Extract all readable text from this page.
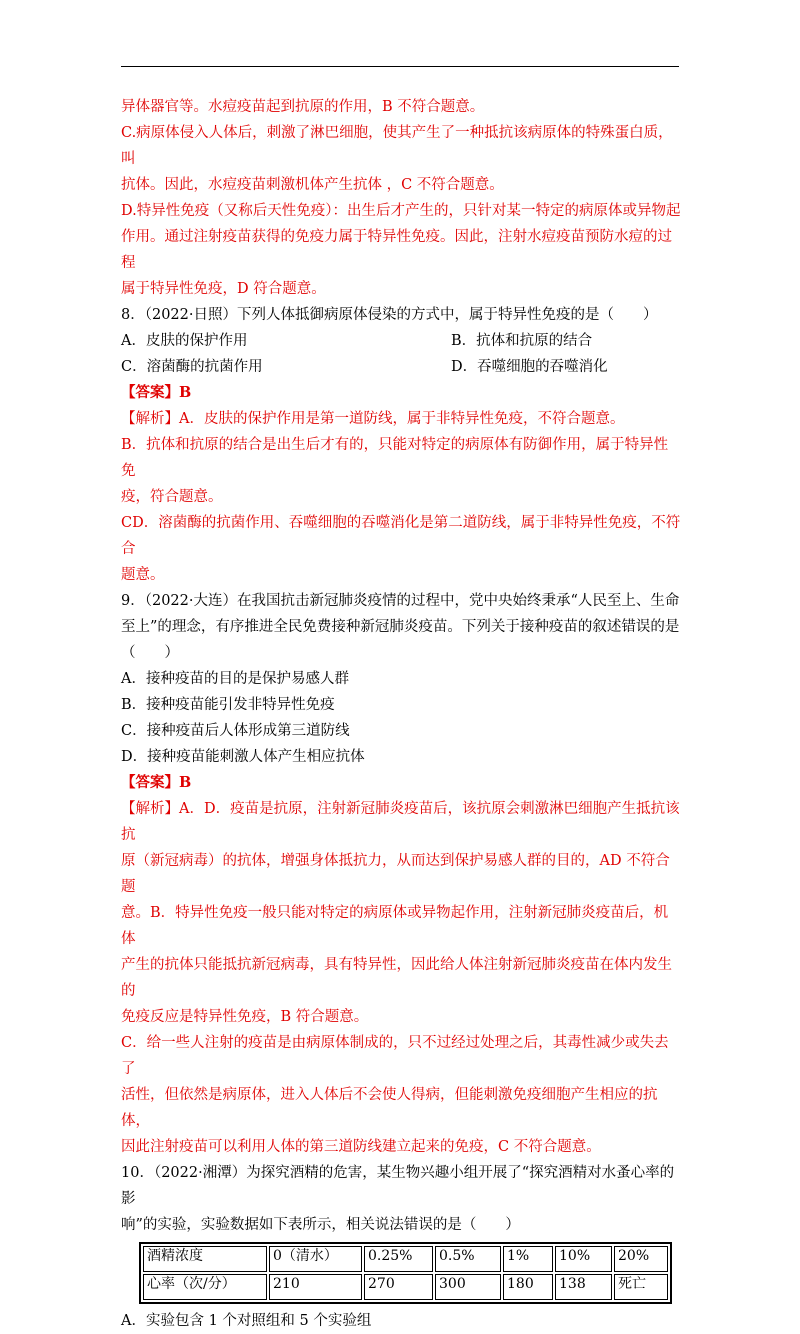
异体器官等。水痘疫苗起到抗原的作用，B 不符合题意。

C.病原体侵入人体后，刺激了淋巴细胞，使其产生了一种抵抗该病原体的特殊蛋白质，叫

抗体。因此，水痘疫苗刺激机体产生抗体 ，C 不符合题意。

D.特异性免疫（又称后天性免疫）：出生后才产生的，只针对某一特定的病原体或异物起

作用。通过注射疫苗获得的免疫力属于特异性免疫。因此，注射水痘疫苗预防水痘的过程

属于特异性免疫，D 符合题意。

8．（2022·日照）下列人体抵御病原体侵染的方式中，属于特异性免疫的是（　　）

A．皮肤的保护作用	B．抗体和抗原的结合

C．溶菌酶的抗菌作用	D．吞噬细胞的吞噬消化

【答案】B

【解析】A．皮肤的保护作用是第一道防线，属于非特异性免疫，不符合题意。

B．抗体和抗原的结合是出生后才有的，只能对特定的病原体有防御作用，属于特异性免

疫，符合题意。

CD．溶菌酶的抗菌作用、吞噬细胞的吞噬消化是第二道防线，属于非特异性免疫，不符合

题意。

9．（2022·大连）在我国抗击新冠肺炎疫情的过程中，党中央始终秉承“人民至上、生命

至上”的理念，有序推进全民免费接种新冠肺炎疫苗。下列关于接种疫苗的叙述错误的是

（　　）

A．接种疫苗的目的是保护易感人群

B．接种疫苗能引发非特异性免疫

C．接种疫苗后人体形成第三道防线

D．接种疫苗能刺激人体产生相应抗体

【答案】B

【解析】A．D．疫苗是抗原，注射新冠肺炎疫苗后，该抗原会刺激淋巴细胞产生抵抗该抗

原（新冠病毒）的抗体，增强身体抵抗力，从而达到保护易感人群的目的，AD 不符合题

意。B．特异性免疫一般只能对特定的病原体或异物起作用，注射新冠肺炎疫苗后，机体

产生的抗体只能抵抗新冠病毒，具有特异性，因此给人体注射新冠肺炎疫苗在体内发生的

免疫反应是特异性免疫，B 符合题意。

C．给一些人注射的疫苗是由病原体制成的，只不过经过处理之后，其毒性减少或失去了

活性，但依然是病原体，进入人体后不会使人得病，但能刺激免疫细胞产生相应的抗体，

因此注射疫苗可以利用人体的第三道防线建立起来的免疫，C 不符合题意。

10．（2022·湘潭）为探究酒精的危害，某生物兴趣小组开展了“探究酒精对水蚤心率的影

响”的实验，实验数据如下表所示，相关说法错误的是（　　）

酒精浓度	0（清水）	0.25%	0.5%	1%	10%	20%
心率（次/分）	210	270	300	180	138	死亡

A．实验包含 1 个对照组和 5 个实验组
